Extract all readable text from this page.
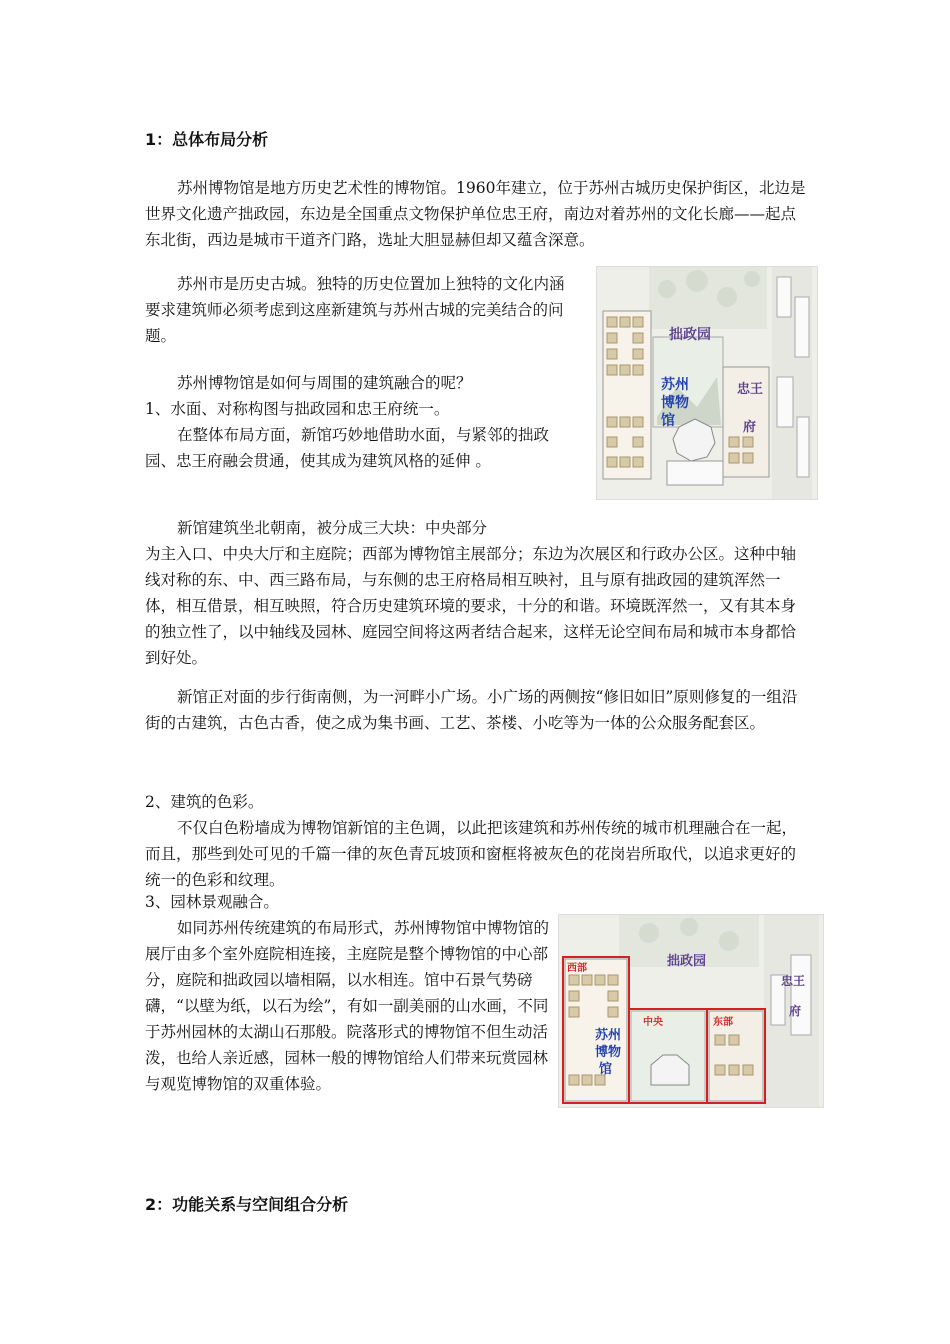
1：总体布局分析

苏州博物馆是地方历史艺术性的博物馆。1960年建立，位于苏州古城历史保护街区，北边是世界文化遗产拙政园，东边是全国重点文物保护单位忠王府，南边对着苏州的文化长廊——起点东北街，西边是城市干道齐门路，选址大胆显赫但却又蕴含深意。

苏州市是历史古城。独特的历史位置加上独特的文化内涵要求建筑师必须考虑到这座新建筑与苏州古城的完美结合的问题。

苏州博物馆是如何与周围的建筑融合的呢？

1、水面、对称构图与拙政园和忠王府统一。

在整体布局方面，新馆巧妙地借助水面，与紧邻的拙政园、忠王府融会贯通，使其成为建筑风格的延伸 。

新馆建筑坐北朝南，被分成三大块：中央部分

为主入口、中央大厅和主庭院；西部为博物馆主展部分；东边为次展区和行政办公区。这种中轴线对称的东、中、西三路布局，与东侧的忠王府格局相互映衬，且与原有拙政园的建筑浑然一体，相互借景，相互映照，符合历史建筑环境的要求，十分的和谐。环境既浑然一，又有其本身的独立性了，以中轴线及园林、庭园空间将这两者结合起来，这样无论空间布局和城市本身都恰到好处。

新馆正对面的步行街南侧，为一河畔小广场。小广场的两侧按“修旧如旧”原则修复的一组沿街的古建筑，古色古香，使之成为集书画、工艺、茶楼、小吃等为一体的公众服务配套区。

2、建筑的色彩。

不仅白色粉墙成为博物馆新馆的主色调，以此把该建筑和苏州传统的城市机理融合在一起，而且，那些到处可见的千篇一律的灰色青瓦坡顶和窗框将被灰色的花岗岩所取代，以追求更好的统一的色彩和纹理。

3、园林景观融合。

如同苏州传统建筑的布局形式，苏州博物馆中博物馆的展厅由多个室外庭院相连接，主庭院是整个博物馆的中心部分，庭院和拙政园以墙相隔，以水相连。馆中石景气势磅礴，“以壁为纸，以石为绘”，有如一副美丽的山水画，不同于苏州园林的太湖山石那般。院落形式的博物馆不但生动活泼，也给人亲近感，园林一般的博物馆给人们带来玩赏园林与观览博物馆的双重体验。

2：功能关系与空间组合分析
拙政园
苏州
博物
馆
忠王
府
拙政园
西部
中央	东部
苏州
博物
馆
忠王
府
